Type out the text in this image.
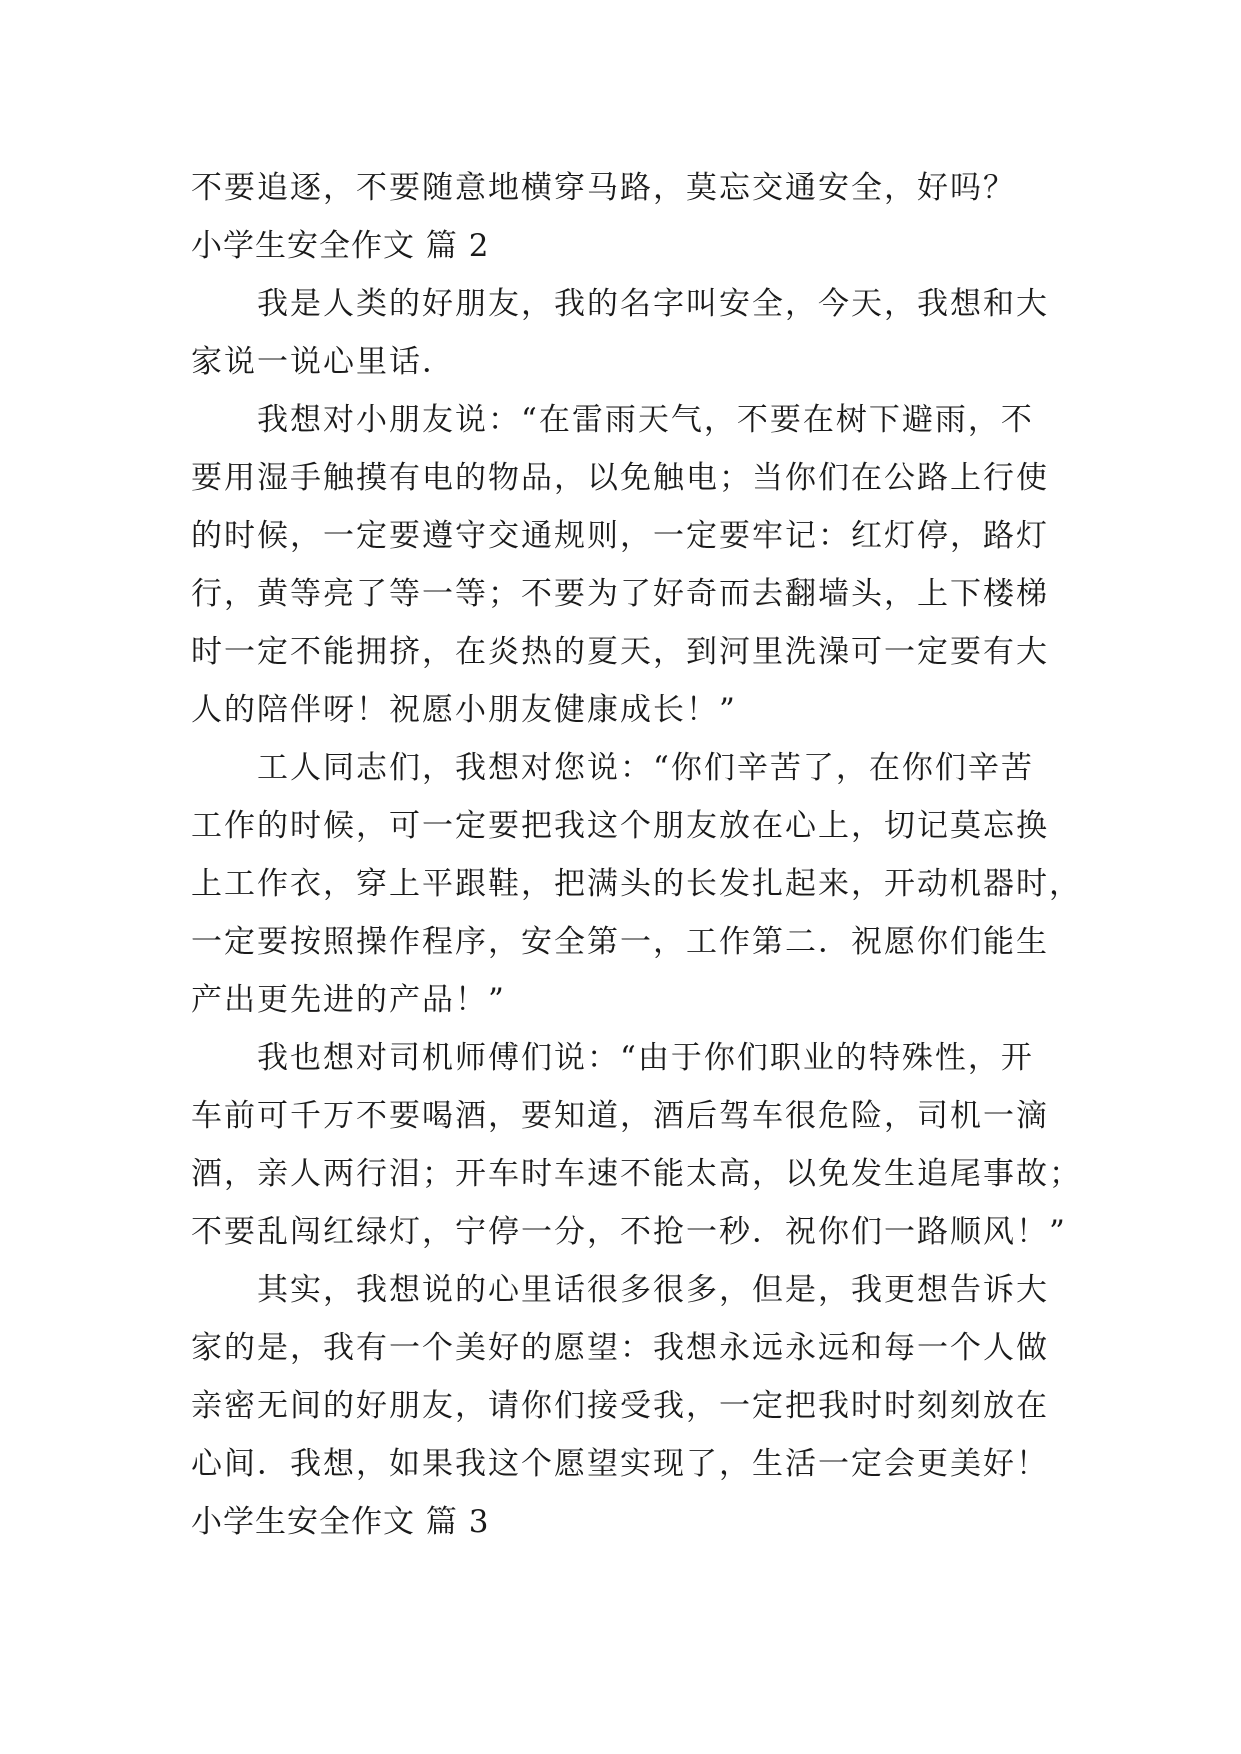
不要追逐，不要随意地横穿马路，莫忘交通安全，好吗？
小学生安全作文 篇 2
我是人类的好朋友，我的名字叫安全，今天，我想和大
家说一说心里话．
我想对小朋友说：“在雷雨天气，不要在树下避雨，不
要用湿手触摸有电的物品，以免触电；当你们在公路上行使
的时候，一定要遵守交通规则，一定要牢记：红灯停，路灯
行，黄等亮了等一等；不要为了好奇而去翻墙头，上下楼梯
时一定不能拥挤，在炎热的夏天，到河里洗澡可一定要有大
人的陪伴呀！祝愿小朋友健康成长！”
工人同志们，我想对您说：“你们辛苦了，在你们辛苦
工作的时候，可一定要把我这个朋友放在心上，切记莫忘换
上工作衣，穿上平跟鞋，把满头的长发扎起来，开动机器时，
一定要按照操作程序，安全第一，工作第二．祝愿你们能生
产出更先进的产品！”
我也想对司机师傅们说：“由于你们职业的特殊性，开
车前可千万不要喝酒，要知道，酒后驾车很危险，司机一滴
酒，亲人两行泪；开车时车速不能太高，以免发生追尾事故；
不要乱闯红绿灯，宁停一分，不抢一秒．祝你们一路顺风！”
其实，我想说的心里话很多很多，但是，我更想告诉大
家的是，我有一个美好的愿望：我想永远永远和每一个人做
亲密无间的好朋友，请你们接受我，一定把我时时刻刻放在
心间．我想，如果我这个愿望实现了，生活一定会更美好！
小学生安全作文 篇 3
